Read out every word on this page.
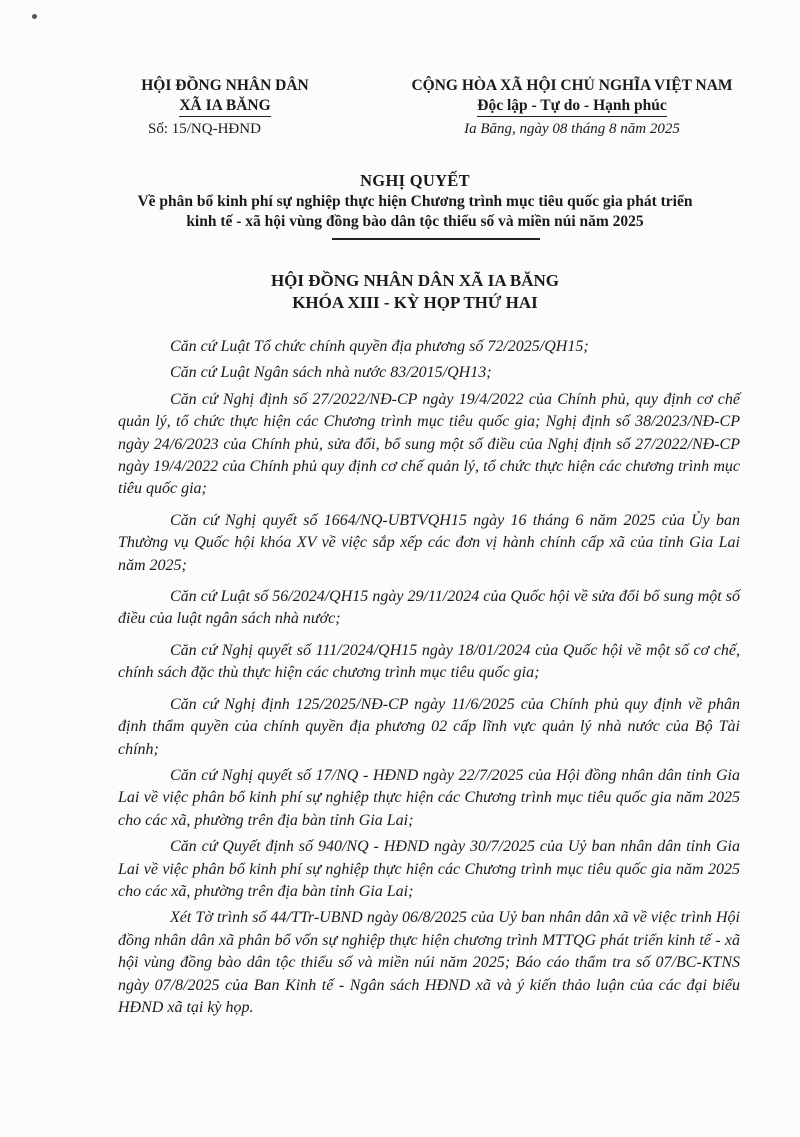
HỘI ĐỒNG NHÂN DÂN
XÃ IA BĂNG
Số: 15/NQ-HĐND
CỘNG HÒA XÃ HỘI CHỦ NGHĨA VIỆT NAM
Độc lập - Tự do - Hạnh phúc
Ia Băng, ngày 08 tháng 8 năm 2025
NGHỊ QUYẾT
Về phân bổ kinh phí sự nghiệp thực hiện Chương trình mục tiêu quốc gia phát triển
kinh tế - xã hội vùng đồng bào dân tộc thiểu số và miền núi năm 2025
HỘI ĐỒNG NHÂN DÂN XÃ IA BĂNG
KHÓA XIII - KỲ HỌP THỨ HAI

Căn cứ Luật Tổ chức chính quyền địa phương số 72/2025/QH15;

Căn cứ Luật Ngân sách nhà nước 83/2015/QH13;

Căn cứ Nghị định số 27/2022/NĐ-CP ngày 19/4/2022 của Chính phủ, quy định cơ chế quản lý, tổ chức thực hiện các Chương trình mục tiêu quốc gia; Nghị định số 38/2023/NĐ-CP ngày 24/6/2023 của Chính phủ, sửa đổi, bổ sung một số điều của Nghị định số 27/2022/NĐ-CP ngày 19/4/2022 của Chính phủ quy định cơ chế quản lý, tổ chức thực hiện các chương trình mục tiêu quốc gia;

Căn cứ Nghị quyết số 1664/NQ-UBTVQH15 ngày 16 tháng 6 năm 2025 của Ủy ban Thường vụ Quốc hội khóa XV về việc sắp xếp các đơn vị hành chính cấp xã của tỉnh Gia Lai năm 2025;

Căn cứ Luật số 56/2024/QH15 ngày 29/11/2024 của Quốc hội về sửa đổi bổ sung một số điều của luật ngân sách nhà nước;

Căn cứ Nghị quyết số 111/2024/QH15 ngày 18/01/2024 của Quốc hội về một số cơ chế, chính sách đặc thù thực hiện các chương trình mục tiêu quốc gia;

Căn cứ Nghị định 125/2025/NĐ-CP ngày 11/6/2025 của Chính phủ quy định về phân định thẩm quyền của chính quyền địa phương 02 cấp lĩnh vực quản lý nhà nước của Bộ Tài chính;

Căn cứ Nghị quyết số 17/NQ - HĐND ngày 22/7/2025 của Hội đồng nhân dân tỉnh Gia Lai về việc phân bổ kinh phí sự nghiệp thực hiện các Chương trình mục tiêu quốc gia năm 2025 cho các xã, phường trên địa bàn tỉnh Gia Lai;

Căn cứ Quyết định số 940/NQ - HĐND ngày 30/7/2025 của Uỷ ban nhân dân tỉnh Gia Lai về việc phân bổ kinh phí sự nghiệp thực hiện các Chương trình mục tiêu quốc gia năm 2025 cho các xã, phường trên địa bàn tỉnh Gia Lai;

Xét Tờ trình số 44/TTr-UBND ngày 06/8/2025 của Uỷ ban nhân dân xã về việc trình Hội đồng nhân dân xã phân bổ vốn sự nghiệp thực hiện chương trình MTTQG phát triển kinh tế - xã hội vùng đồng bào dân tộc thiểu số và miền núi năm 2025; Báo cáo thẩm tra số 07/BC-KTNS ngày 07/8/2025 của Ban Kinh tế - Ngân sách HĐND xã và ý kiến thảo luận của các đại biểu HĐND xã tại kỳ họp.
